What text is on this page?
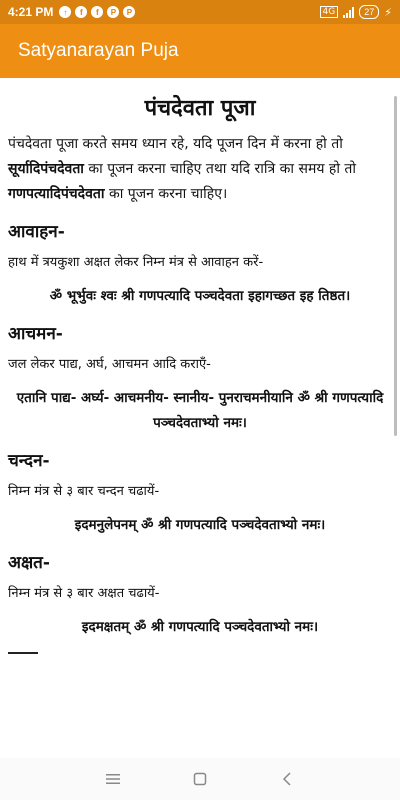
4:21 PM	↑	f	f	P	P	4G	27 ⚡
Satyanarayan Puja
पंचदेवता पूजा

पंचदेवता पूजा करते समय ध्यान रहे, यदि पूजन दिन में करना हो तो सूर्यादिपंचदेवता का पूजन करना चाहिए तथा यदि रात्रि का समय हो तो गणपत्यादिपंचदेवता का पूजन करना चाहिए।

आवाहन-
हाथ में त्रयकुशा अक्षत लेकर निम्न मंत्र से आवाहन करें-
ॐ भूर्भुवः श्वः श्री गणपत्यादि पञ्चदेवता इहागच्छत इह तिष्ठत।
आचमन-
जल लेकर पाद्य, अर्घ, आचमन आदि कराएँ-
एतानि पाद्य- अर्घ्य- आचमनीय- स्नानीय- पुनराचमनीयानि ॐ श्री गणपत्यादि पञ्चदेवताभ्यो नमः।
चन्दन-
निम्न मंत्र से ३ बार चन्दन चढायें-
इदमनुलेपनम् ॐ श्री गणपत्यादि पञ्चदेवताभ्यो नमः।
अक्षत-
निम्न मंत्र से ३ बार अक्षत चढायें-
इदमक्षतम् ॐ श्री गणपत्यादि पञ्चदेवताभ्यो नमः।
